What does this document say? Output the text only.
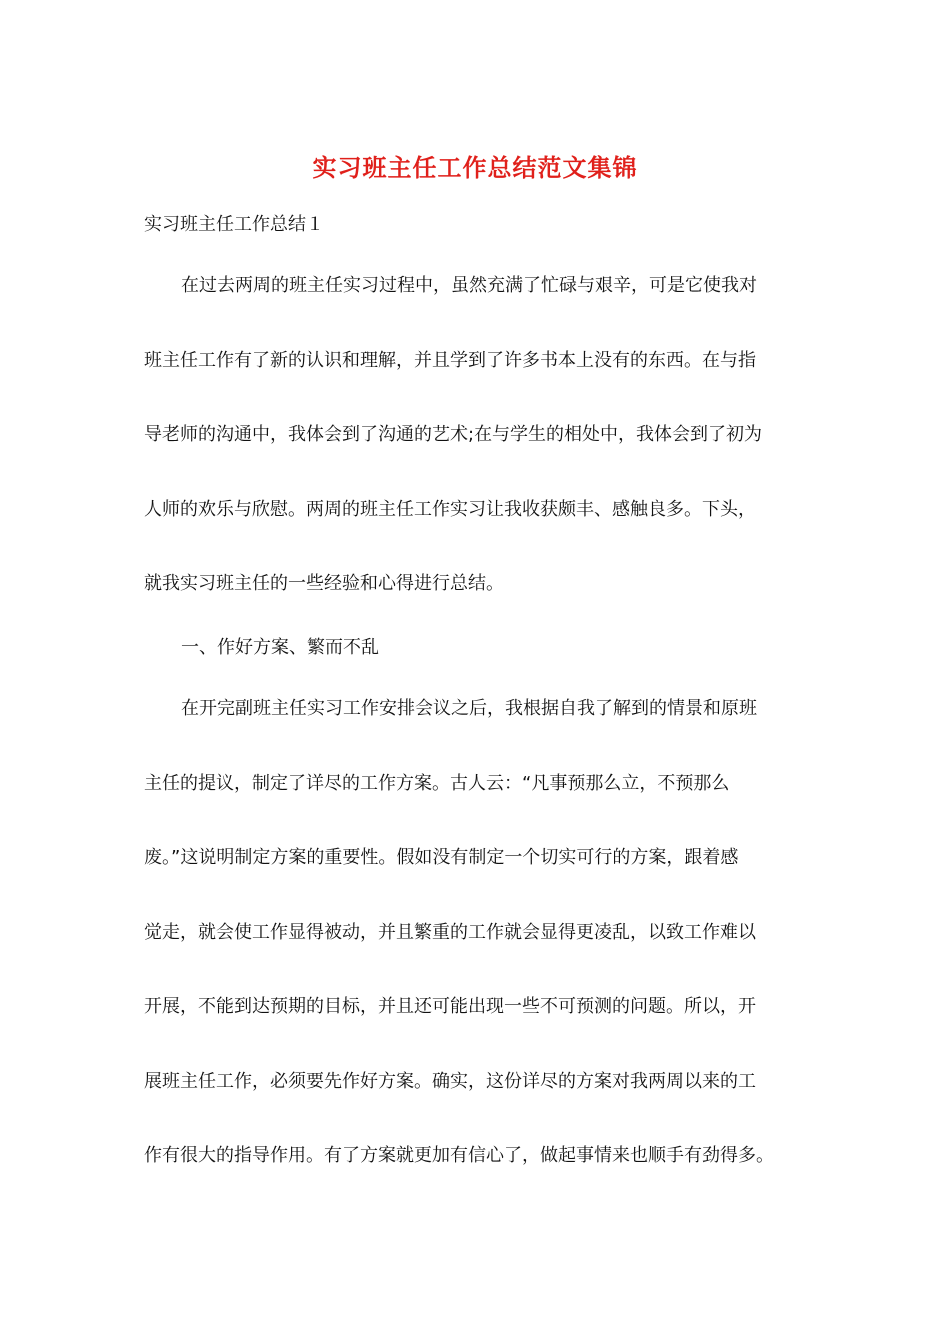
实习班主任工作总结范文集锦
实习班主任工作总结１
在过去两周的班主任实习过程中，虽然充满了忙碌与艰辛，可是它使我对
班主任工作有了新的认识和理解，并且学到了许多书本上没有的东西。在与指
导老师的沟通中，我体会到了沟通的艺术;在与学生的相处中，我体会到了初为
人师的欢乐与欣慰。两周的班主任工作实习让我收获颇丰、感触良多。下头，
就我实习班主任的一些经验和心得进行总结。
一、作好方案、繁而不乱
在开完副班主任实习工作安排会议之后，我根据自我了解到的情景和原班
主任的提议，制定了详尽的工作方案。古人云：“凡事预那么立，不预那么
废。”这说明制定方案的重要性。假如没有制定一个切实可行的方案，跟着感
觉走，就会使工作显得被动，并且繁重的工作就会显得更凌乱，以致工作难以
开展，不能到达预期的目标，并且还可能出现一些不可预测的问题。所以，开
展班主任工作，必须要先作好方案。确实，这份详尽的方案对我两周以来的工
作有很大的指导作用。有了方案就更加有信心了，做起事情来也顺手有劲得多。
